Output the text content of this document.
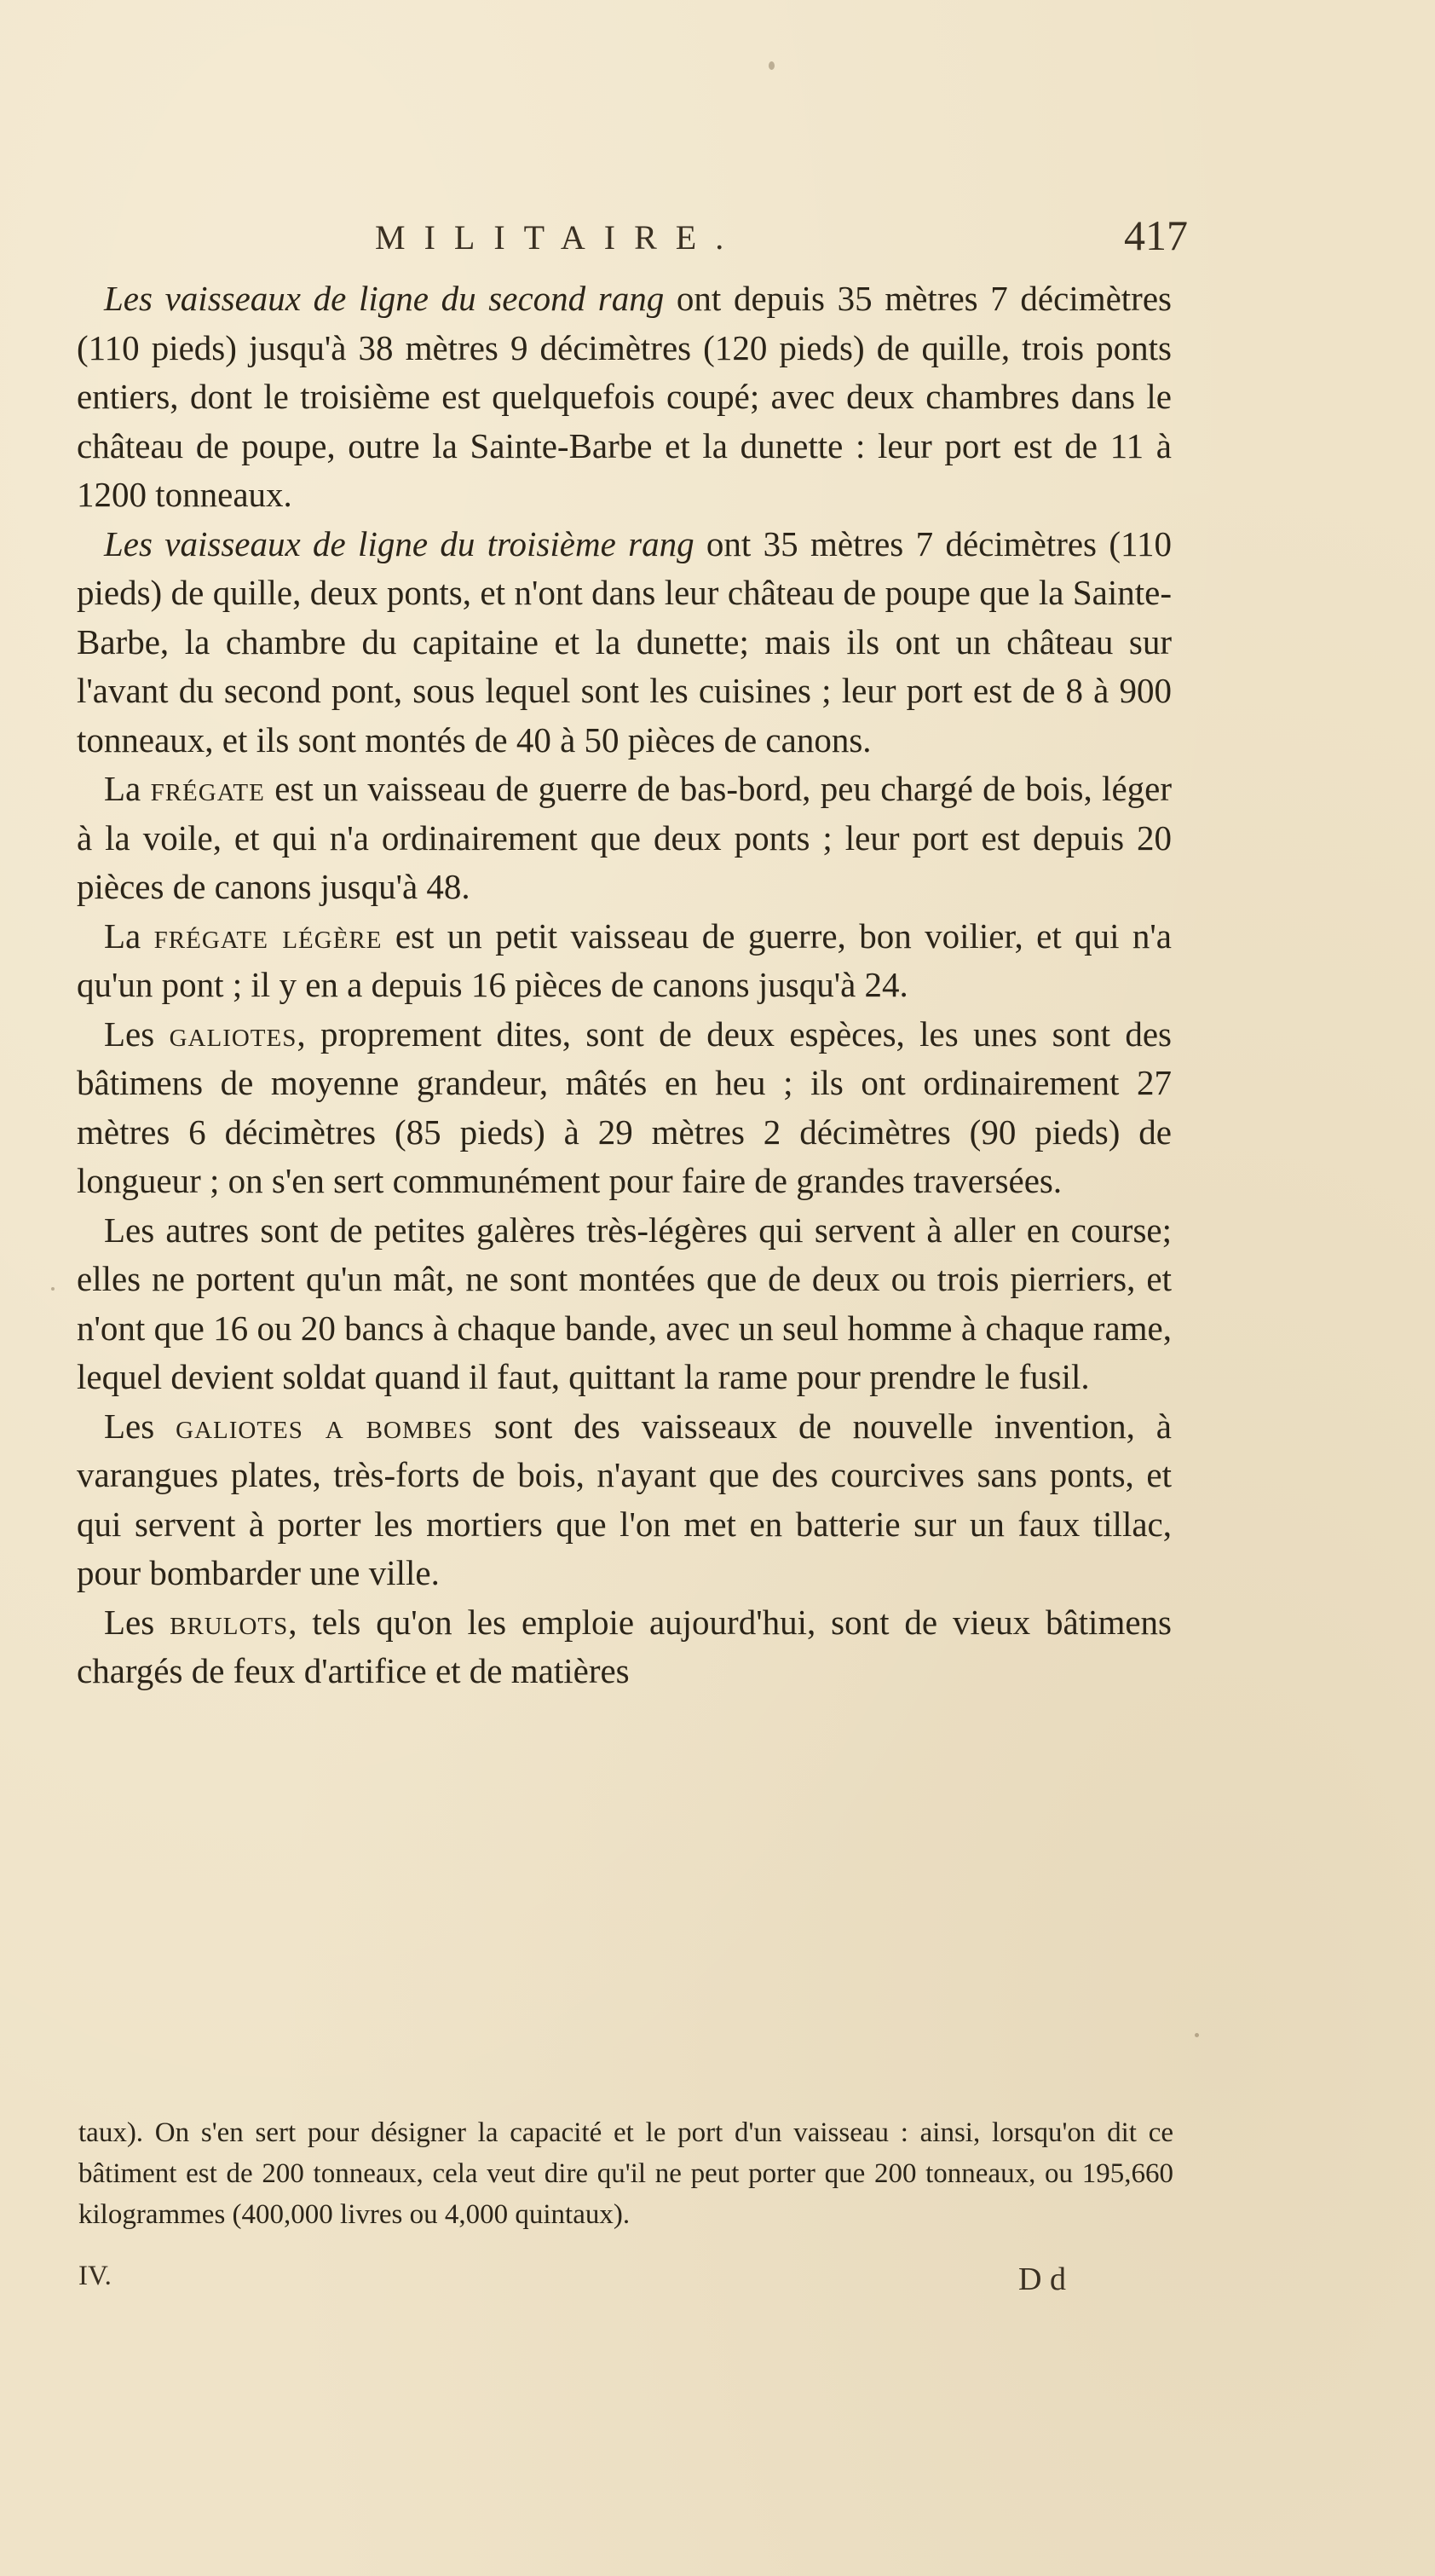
MILITAIRE.	417

Les vaisseaux de ligne du second rang ont depuis 35 mètres 7 décimètres (110 pieds) jusqu'à 38 mètres 9 décimètres (120 pieds) de quille, trois ponts entiers, dont le troisième est quelquefois coupé; avec deux chambres dans le château de poupe, outre la Sainte-Barbe et la dunette : leur port est de 11 à 1200 tonneaux.

Les vaisseaux de ligne du troisième rang ont 35 mètres 7 décimètres (110 pieds) de quille, deux ponts, et n'ont dans leur château de poupe que la Sainte-Barbe, la chambre du capitaine et la dunette; mais ils ont un château sur l'avant du second pont, sous lequel sont les cuisines ; leur port est de 8 à 900 tonneaux, et ils sont montés de 40 à 50 pièces de canons.

La frégate est un vaisseau de guerre de bas-bord, peu chargé de bois, léger à la voile, et qui n'a ordinairement que deux ponts ; leur port est depuis 20 pièces de canons jusqu'à 48.

La frégate légère est un petit vaisseau de guerre, bon voilier, et qui n'a qu'un pont ; il y en a depuis 16 pièces de canons jusqu'à 24.

Les galiotes, proprement dites, sont de deux espèces, les unes sont des bâtimens de moyenne grandeur, mâtés en heu ; ils ont ordinairement 27 mètres 6 décimètres (85 pieds) à 29 mètres 2 décimètres (90 pieds) de longueur ; on s'en sert communément pour faire de grandes traversées.

Les autres sont de petites galères très-légères qui servent à aller en course; elles ne portent qu'un mât, ne sont montées que de deux ou trois pierriers, et n'ont que 16 ou 20 bancs à chaque bande, avec un seul homme à chaque rame, lequel devient soldat quand il faut, quittant la rame pour prendre le fusil.

Les galiotes a bombes sont des vaisseaux de nouvelle invention, à varangues plates, très-forts de bois, n'ayant que des courcives sans ponts, et qui servent à porter les mortiers que l'on met en batterie sur un faux tillac, pour bombarder une ville.

Les brulots, tels qu'on les emploie aujourd'hui, sont de vieux bâtimens chargés de feux d'artifice et de matières

taux). On s'en sert pour désigner la capacité et le port d'un vaisseau : ainsi, lorsqu'on dit ce bâtiment est de 200 tonneaux, cela veut dire qu'il ne peut porter que 200 tonneaux, ou 195,660 kilogrammes (400,000 livres ou 4,000 quintaux).

IV.	D d
